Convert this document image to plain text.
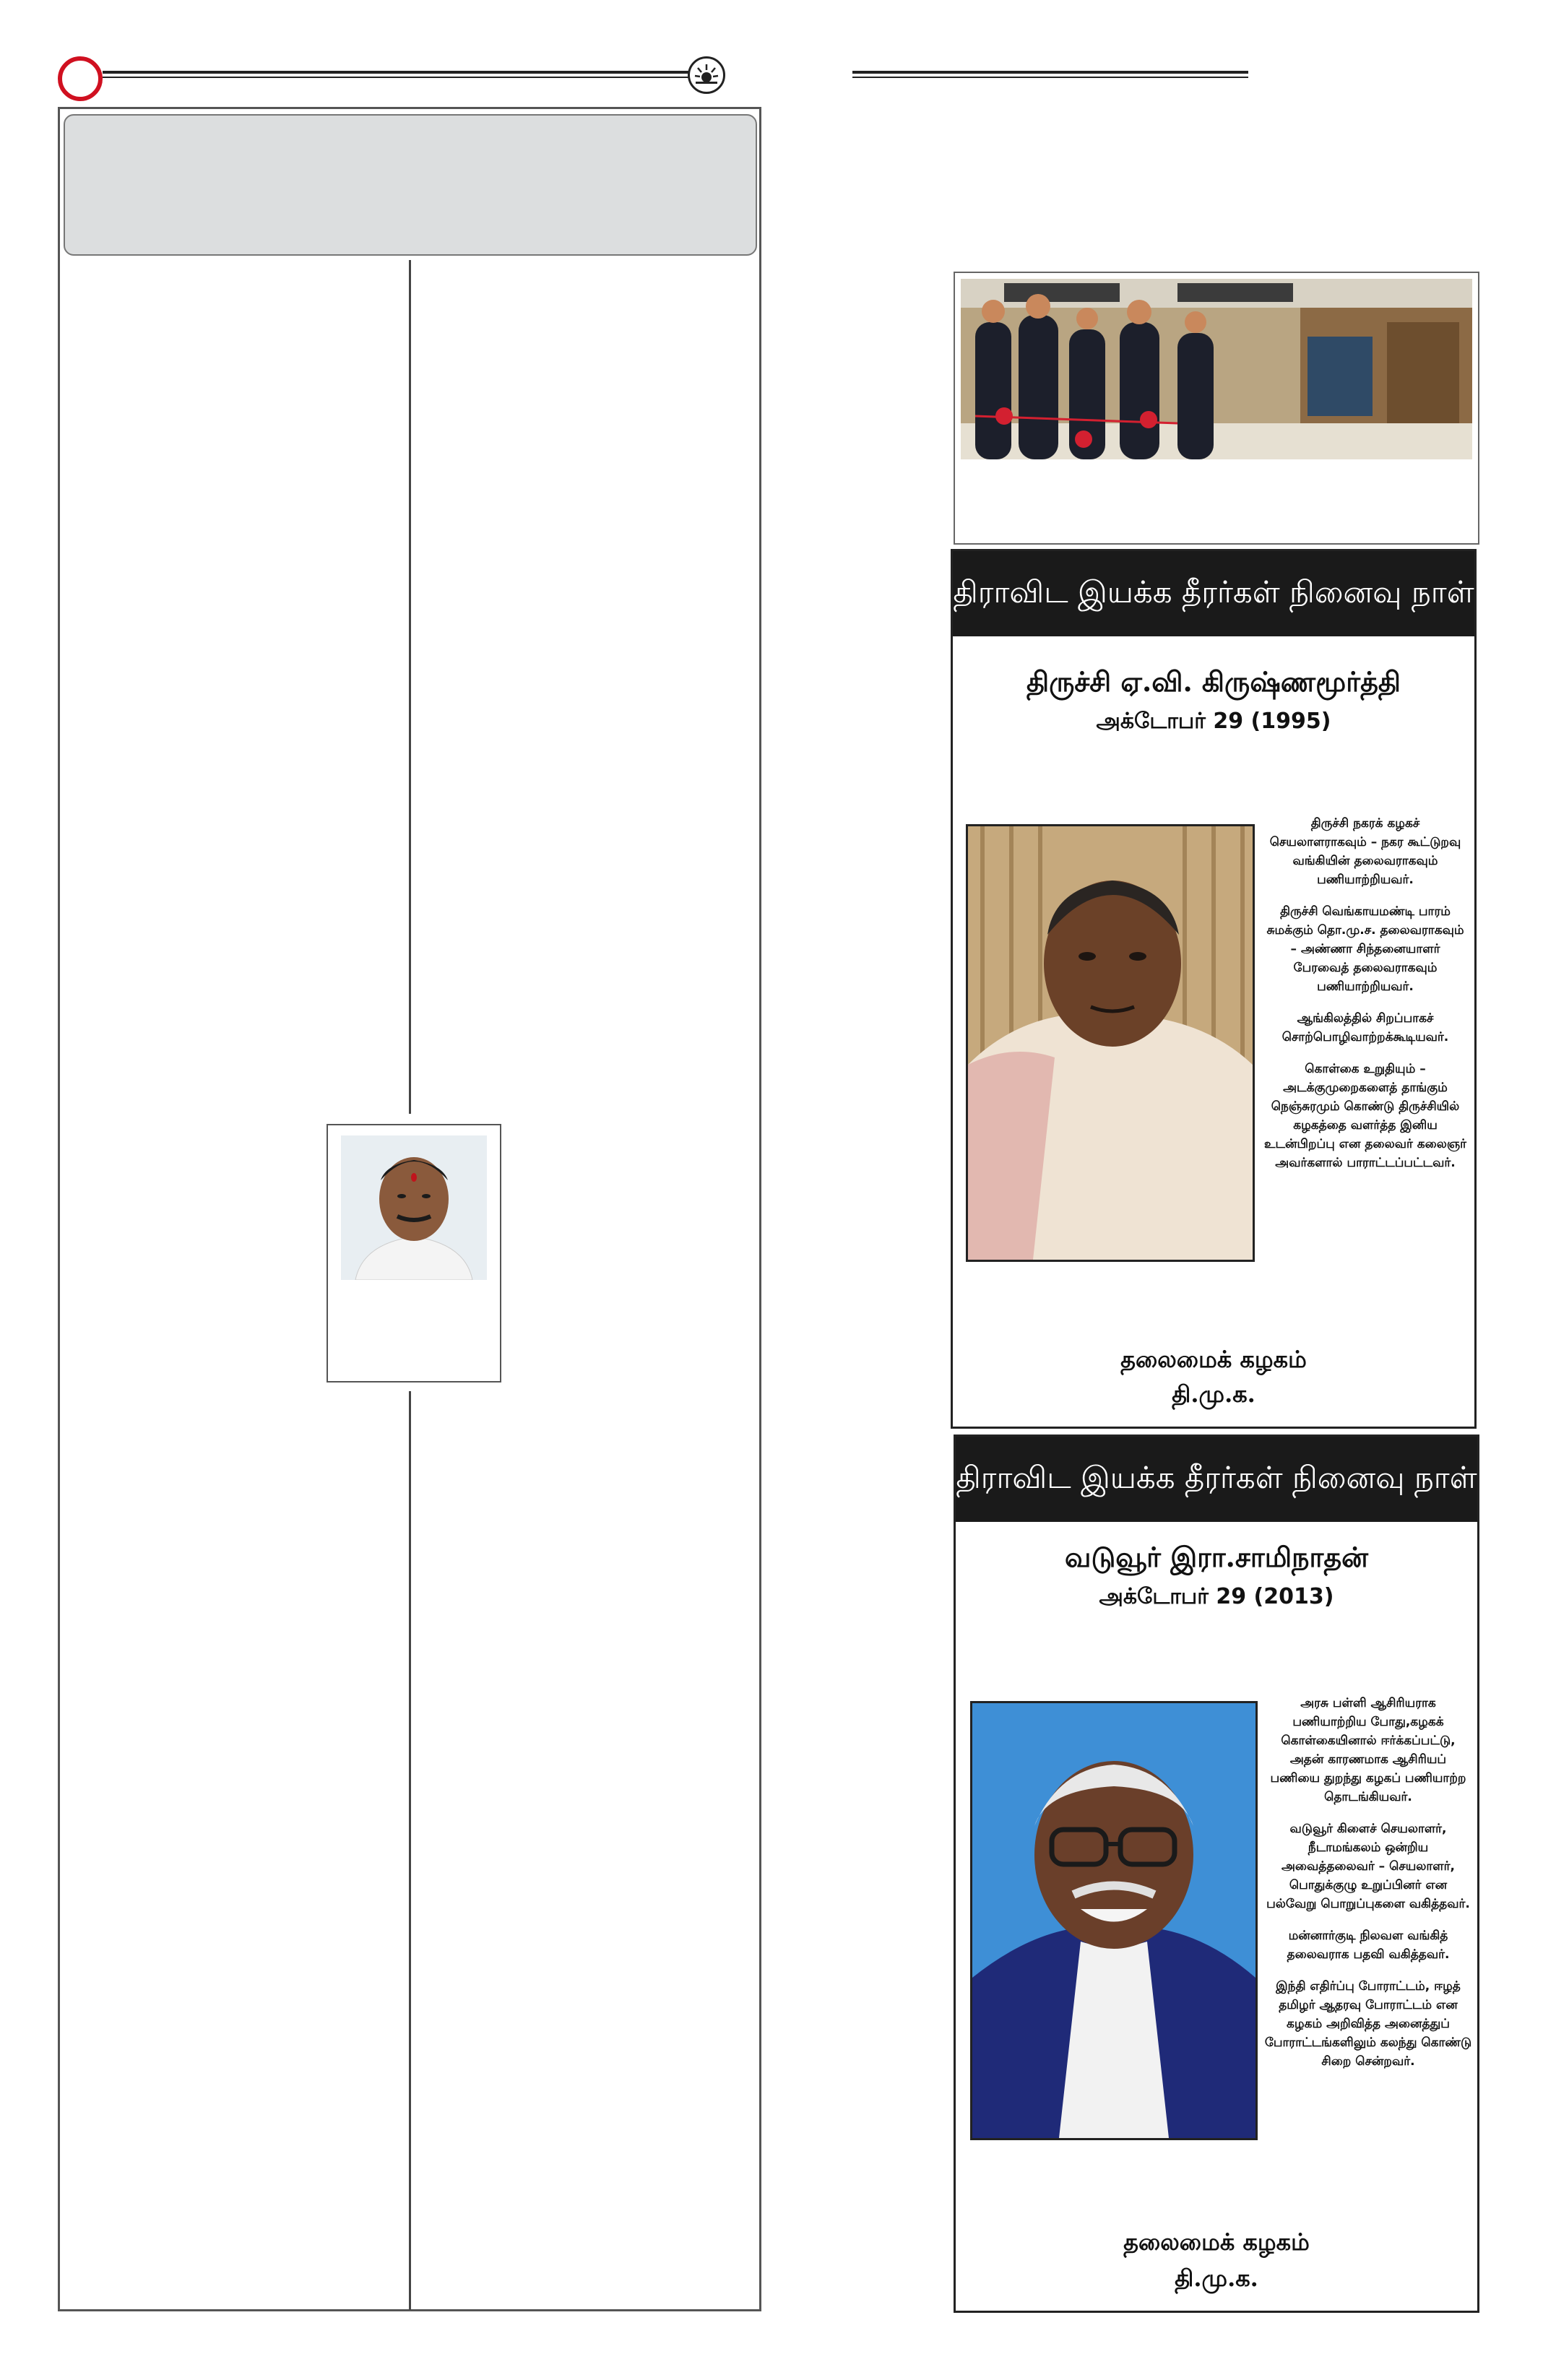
திராவிட இயக்க தீரர்கள் நினைவு நாள்
திருச்சி ஏ.வி. கிருஷ்ணமூர்த்தி
அக்டோபர் 29 (1995)

திருச்சி நகரக் கழகச் செயலாளராகவும் – நகர கூட்டுறவு வங்கியின் தலைவராகவும் பணியாற்றியவர்.

திருச்சி வெங்காயமண்டி பாரம் சுமக்கும் தொ.மு.ச. தலைவராகவும் – அண்ணா சிந்தனையாளர் பேரவைத் தலைவராகவும் பணியாற்றியவர்.

ஆங்கிலத்தில் சிறப்பாகச் சொற்பொழிவாற்றக்கூடியவர்.

கொள்கை உறுதியும் – அடக்குமுறைகளைத் தாங்கும் நெஞ்சுரமும் கொண்டு திருச்சியில் கழகத்தை வளர்த்த இனிய உடன்பிறப்பு என தலைவர் கலைஞர் அவர்களால் பாராட்டப்பட்டவர்.

தலைமைக் கழகம்
தி.மு.க.
திராவிட இயக்க தீரர்கள் நினைவு நாள்
வடுவூர் இரா.சாமிநாதன்
அக்டோபர் 29 (2013)

அரசு பள்ளி ஆசிரியராக பணியாற்றிய போது,கழகக் கொள்கையினால் ஈர்க்கப்பட்டு, அதன் காரணமாக ஆசிரியப் பணியை துறந்து கழகப் பணியாற்ற தொடங்கியவர்.

வடுவூர் கிளைச் செயலாளர், நீடாமங்கலம் ஒன்றிய அவைத்தலைவர் – செயலாளர், பொதுக்குழு உறுப்பினர் என பல்வேறு பொறுப்புகளை வகித்தவர்.

மன்னார்குடி நிலவள வங்கித் தலைவராக பதவி வகித்தவர்.

இந்தி எதிர்ப்பு போராட்டம், ஈழத் தமிழர் ஆதரவு போராட்டம் என கழகம் அறிவித்த அனைத்துப் போராட்டங்களிலும் கலந்து கொண்டு சிறை சென்றவர்.

தலைமைக் கழகம்
தி.மு.க.
